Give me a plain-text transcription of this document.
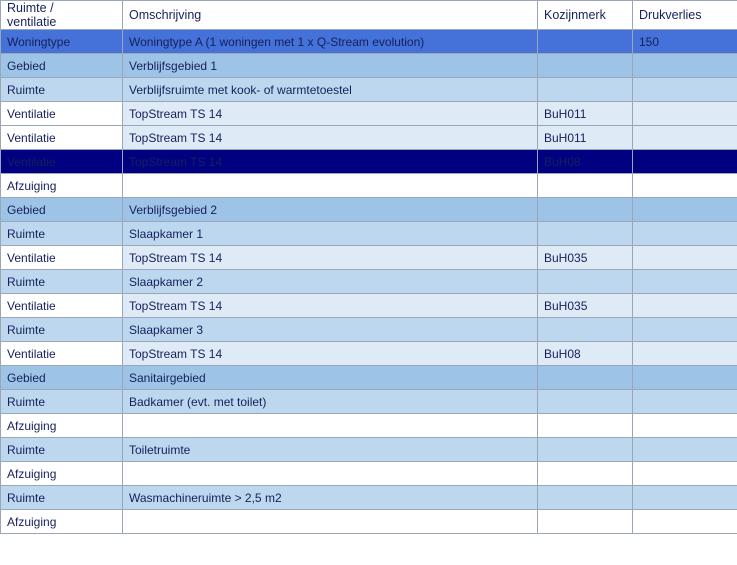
Ruimte /
ventilatie	Omschrijving	Kozijnmerk	Drukverlies
Woningtype	Woningtype A (1 woningen met 1 x Q-Stream evolution)		150
Gebied	Verblijfsgebied 1		
Ruimte	Verblijfsruimte met kook- of warmtetoestel		
Ventilatie	TopStream TS 14	BuH011	
Ventilatie	TopStream TS 14	BuH011	
Ventilatie	TopStream TS 14	BuH08	
Afzuiging			
Gebied	Verblijfsgebied 2		
Ruimte	Slaapkamer 1		
Ventilatie	TopStream TS 14	BuH035	
Ruimte	Slaapkamer 2		
Ventilatie	TopStream TS 14	BuH035	
Ruimte	Slaapkamer 3		
Ventilatie	TopStream TS 14	BuH08	
Gebied	Sanitairgebied		
Ruimte	Badkamer (evt. met toilet)		
Afzuiging			
Ruimte	Toiletruimte		
Afzuiging			
Ruimte	Wasmachineruimte > 2,5 m2		
Afzuiging			
